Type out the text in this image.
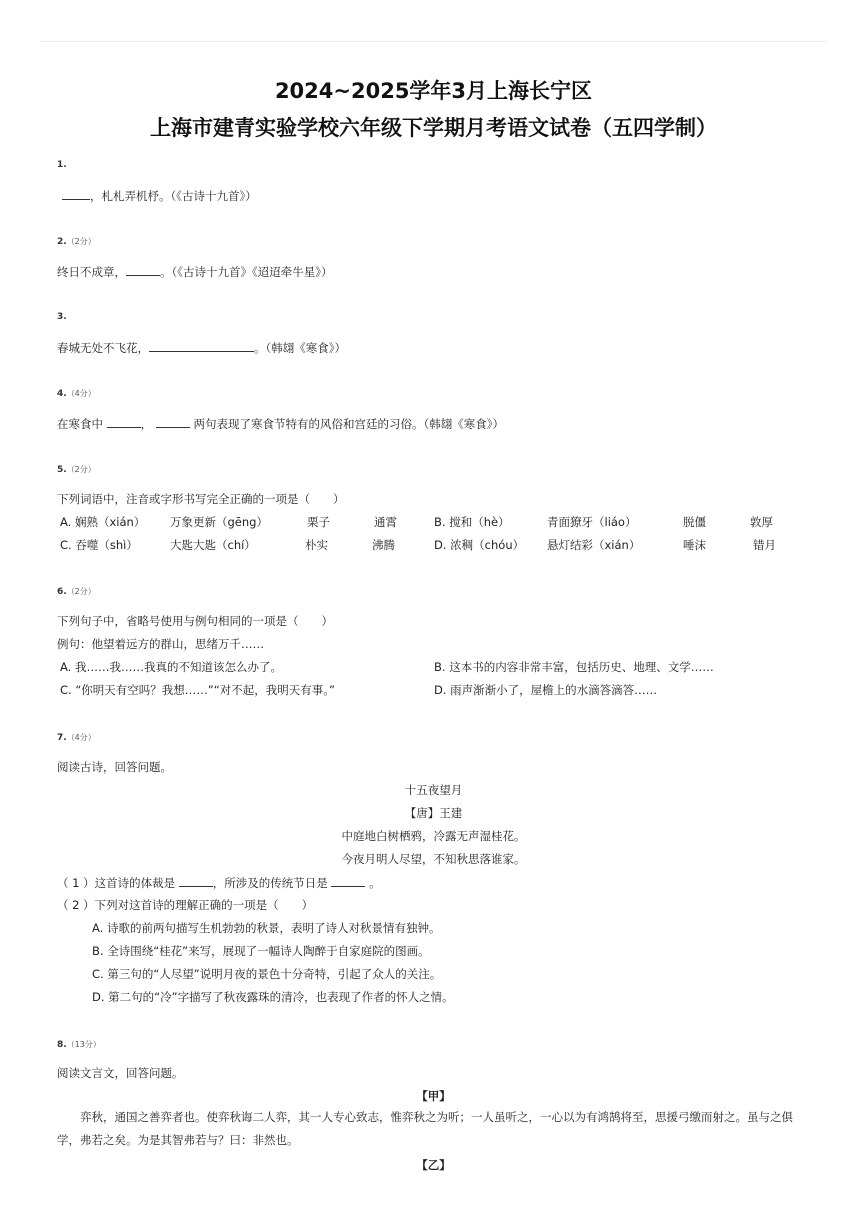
2024~2025学年3月上海长宁区
上海市建青实验学校六年级下学期月考语文试卷（五四学制）
1.
，札札弄机杼。（《古诗十九首》）
2.（2分）
终日不成章，	。（《古诗十九首》《迢迢牵牛星》）
3.
春城无处不飞花，	。（韩翃《寒食》）
4.（4分）
在寒食中	，	两句表现了寒食节特有的风俗和宫廷的习俗。（韩翃《寒食》）
5.（2分）
下列词语中，注音或字形书写完全正确的一项是（　　）
A. 娴熟（xián） 万象更新（gēng）	栗子	通霄	B. 搅和（hè）	青面獠牙（liáo）	脱僵	敦厚
C. 吞噬（shì）	大匙大匙（chí）	朴实	沸腾	D. 浓稠（chóu） 悬灯结彩（xián）	唾沫	错月
6.（2分）
下列句子中，省略号使用与例句相同的一项是（　　）
例句：他望着远方的群山，思绪万千……
A. 我……我……我真的不知道该怎么办了。	B. 这本书的内容非常丰富，包括历史、地理、文学……
C. “你明天有空吗？我想……”“对不起，我明天有事。”	D. 雨声渐渐小了，屋檐上的水滴答滴答……
7.（4分）
阅读古诗，回答问题。
十五夜望月
【唐】王建
中庭地白树栖鸦，冷露无声湿桂花。
今夜月明人尽望，不知秋思落谁家。
（ 1 ）这首诗的体裁是	，所涉及的传统节日是	。
（ 2 ）下列对这首诗的理解正确的一项是（　　）
A. 诗歌的前两句描写生机勃勃的秋景，表明了诗人对秋景情有独钟。
B. 全诗围绕“桂花”来写，展现了一幅诗人陶醉于自家庭院的图画。
C. 第三句的“人尽望”说明月夜的景色十分奇特，引起了众人的关注。
D. 第二句的“冷”字描写了秋夜露珠的清冷，也表现了作者的怀人之情。
8.（13分）
阅读文言文，回答问题。
【甲】
弈秋，通国之善弈者也。使弈秋诲二人弈，其一人专心致志，惟弈秋之为听；一人虽听之，一心以为有鸿鹄将至，思援弓缴而射之。虽与之俱学，弗若之矣。为是其智弗若与？曰：非然也。
【乙】
